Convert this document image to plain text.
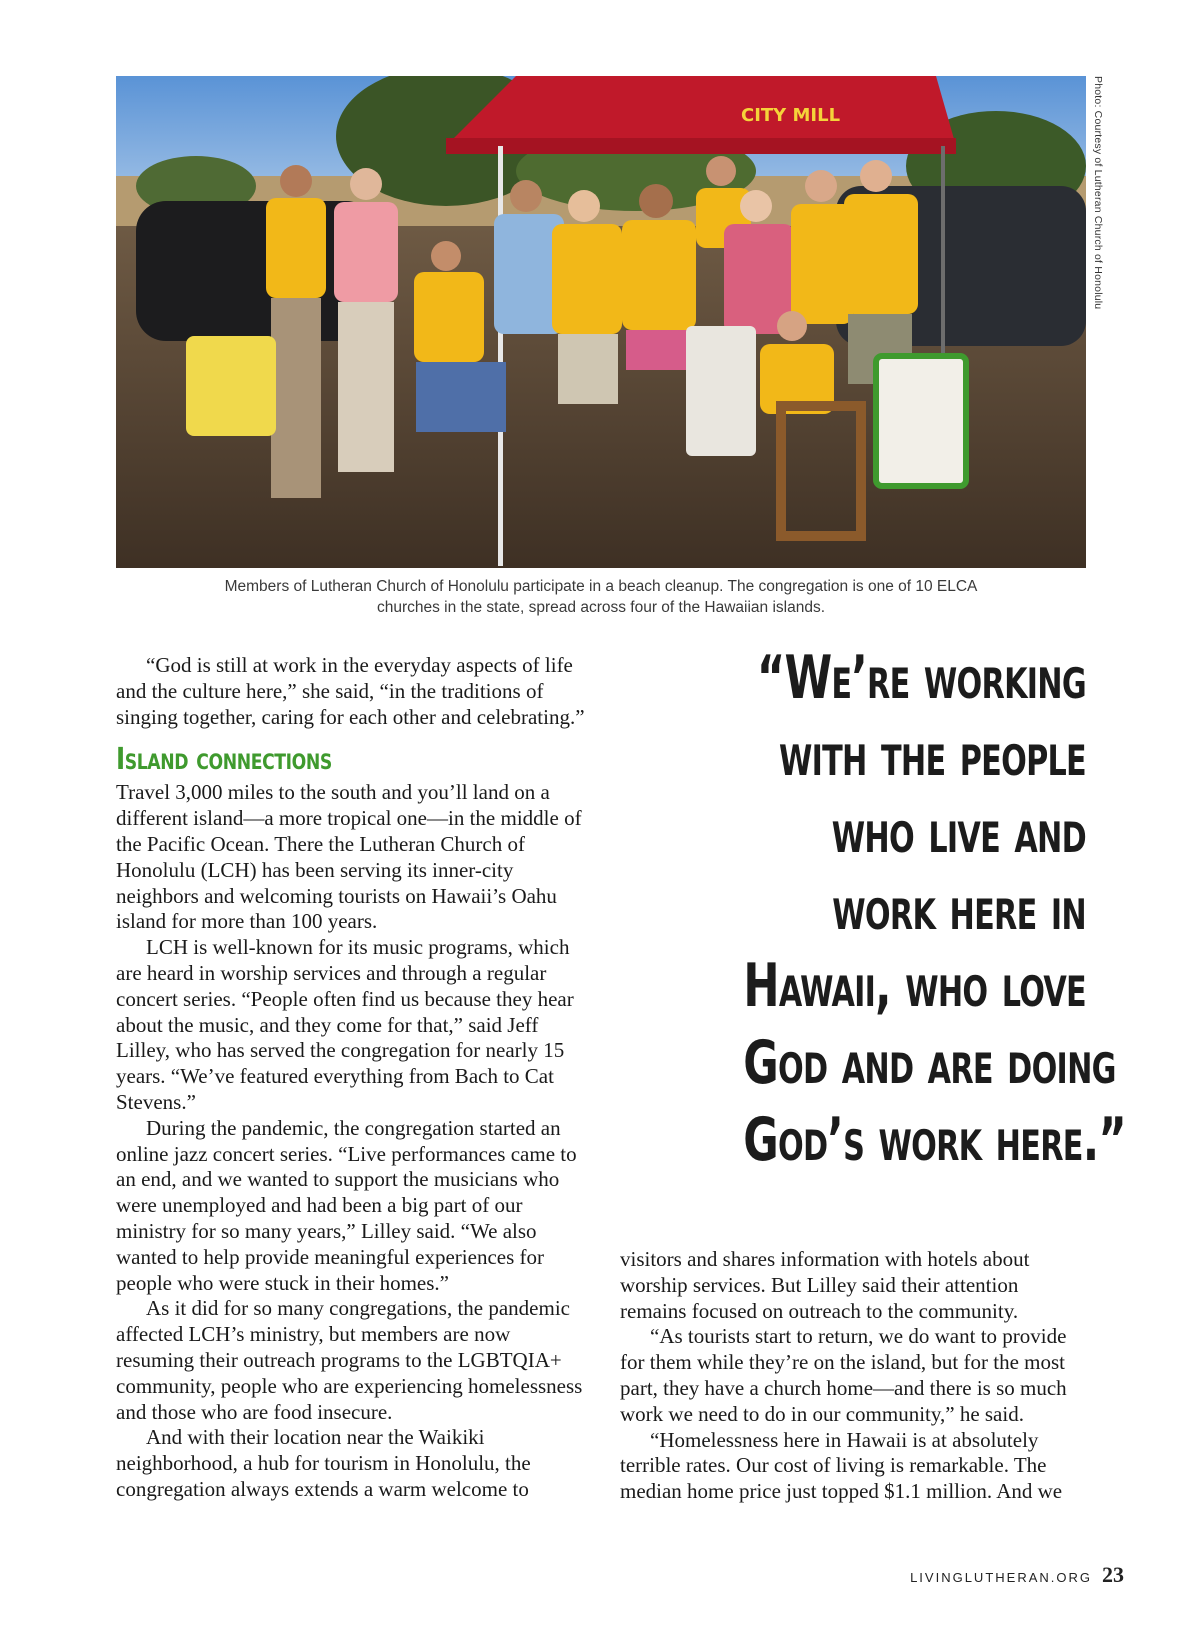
CITY MILL	Photo: Courtesy of Lutheran Church of Honolulu
Members of Lutheran Church of Honolulu participate in a beach cleanup. The congregation is one of 10 ELCA
churches in the state, spread across four of the Hawaiian islands.

“God is still at work in the everyday aspects of life and the culture here,” she said, “in the traditions of singing together, caring for each other and celebrating.”

Island connections

Travel 3,000 miles to the south and you’ll land on a different island—a more tropical one—in the middle of the Pacific Ocean. There the Lutheran Church of Honolulu (LCH) has been serving its inner-city neighbors and welcoming tourists on Hawaii’s Oahu island for more than 100 years.

LCH is well-known for its music programs, which are heard in worship services and through a regular concert series. “People often find us because they hear about the music, and they come for that,” said Jeff Lilley, who has served the congregation for nearly 15 years. “We’ve featured everything from Bach to Cat Stevens.”

During the pandemic, the congregation started an online jazz concert series. “Live performances came to an end, and we wanted to support the musicians who were unemployed and had been a big part of our ministry for so many years,” Lilley said. “We also wanted to help provide meaningful experiences for people who were stuck in their homes.”

As it did for so many congregations, the pandemic affected LCH’s ministry, but members are now resuming their outreach programs to the LGBTQIA+ community, people who are experiencing homelessness and those who are food insecure.

And with their location near the Waikiki neighborhood, a hub for tourism in Honolulu, the congregation always extends a warm welcome to

“We’re working
with the people
who live and
work here in
Hawaii, who love
God and are doing
God’s work here.”

visitors and shares information with hotels about worship services. But Lilley said their attention remains focused on outreach to the community.

“As tourists start to return, we do want to provide for them while they’re on the island, but for the most part, they have a church home—and there is so much work we need to do in our community,” he said.

“Homelessness here in Hawaii is at absolutely terrible rates. Our cost of living is remarkable. The median home price just topped $1.1 million. And we

LIVINGLUTHERAN.ORG 23
